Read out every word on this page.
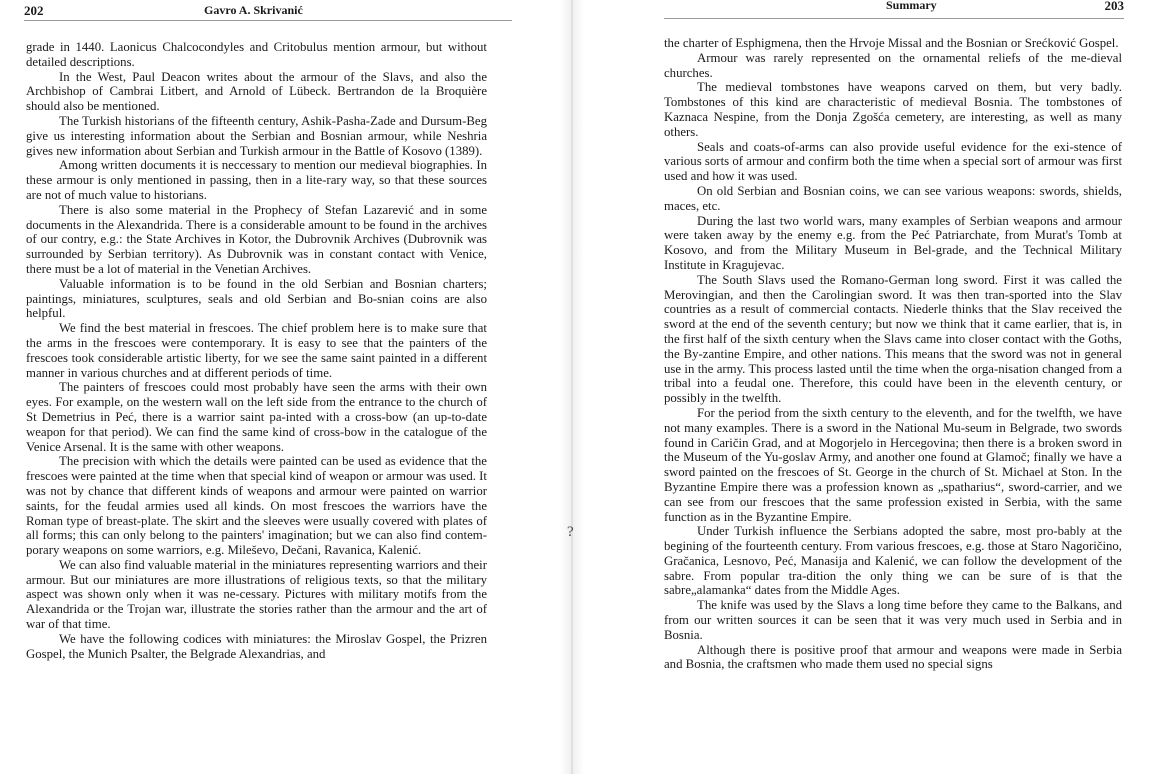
202	Gavro A. Skrivanić

grade in 1440. Laonicus Chalcocondyles and Critobulus mention armour, but without detailed descriptions.

In the West, Paul Deacon writes about the armour of the Slavs, and also the Archbishop of Cambrai Litbert, and Arnold of Lübeck. Bertrandon de la Broquière should also be mentioned.

The Turkish historians of the fifteenth century, Ashik-Pasha-Zade and Dursum-Beg give us interesting information about the Serbian and Bosnian armour, while Neshria gives new information about Serbian and Turkish armour in the Battle of Kosovo (1389).

Among written documents it is neccessary to mention our medieval biographies. In these armour is only mentioned in passing, then in a lite-rary way, so that these sources are not of much value to historians.

There is also some material in the Prophecy of Stefan Lazarević and in some documents in the Alexandrida. There is a considerable amount to be found in the archives of our contry, e.g.: the State Archives in Kotor, the Dubrovnik Archives (Dubrovnik was surrounded by Serbian territory). As Dubrovnik was in constant contact with Venice, there must be a lot of material in the Venetian Archives.

Valuable information is to be found in the old Serbian and Bosnian charters; paintings, miniatures, sculptures, seals and old Serbian and Bo-snian coins are also helpful.

We find the best material in frescoes. The chief problem here is to make sure that the arms in the frescoes were contemporary. It is easy to see that the painters of the frescoes took considerable artistic liberty, for we see the same saint painted in a different manner in various churches and at different periods of time.

The painters of frescoes could most probably have seen the arms with their own eyes. For example, on the western wall on the left side from the entrance to the church of St Demetrius in Peć, there is a warrior saint pa-inted with a cross-bow (an up-to-date weapon for that period). We can find the same kind of cross-bow in the catalogue of the Venice Arsenal. It is the same with other weapons.

The precision with which the details were painted can be used as evidence that the frescoes were painted at the time when that special kind of weapon or armour was used. It was not by chance that different kinds of weapons and armour were painted on warrior saints, for the feudal armies used all kinds. On most frescoes the warriors have the Roman type of breast-plate. The skirt and the sleeves were usually covered with plates of all forms; this can only belong to the painters' imagination; but we can also find contem-porary weapons on some warriors, e.g. Mileševo, Dečani, Ravanica, Kalenić.

We can also find valuable material in the miniatures representing warriors and their armour. But our miniatures are more illustrations of religious texts, so that the military aspect was shown only when it was ne-cessary. Pictures with military motifs from the Alexandrida or the Trojan war, illustrate the stories rather than the armour and the art of war of that time.

We have the following codices with miniatures: the Miroslav Gospel, the Prizren Gospel, the Munich Psalter, the Belgrade Alexandrias, and

?
Summary	203

the charter of Esphigmena, then the Hrvoje Missal and the Bosnian or Srećković Gospel.

Armour was rarely represented on the ornamental reliefs of the me-dieval churches.

The medieval tombstones have weapons carved on them, but very badly. Tombstones of this kind are characteristic of medieval Bosnia. The tombstones of Kaznaca Nespine, from the Donja Zgošća cemetery, are interesting, as well as many others.

Seals and coats-of-arms can also provide useful evidence for the exi-stence of various sorts of armour and confirm both the time when a special sort of armour was first used and how it was used.

On old Serbian and Bosnian coins, we can see various weapons: swords, shields, maces, etc.

During the last two world wars, many examples of Serbian weapons and armour were taken away by the enemy e.g. from the Peć Patriarchate, from Murat's Tomb at Kosovo, and from the Military Museum in Bel-grade, and the Technical Military Institute in Kragujevac.

The South Slavs used the Romano-German long sword. First it was called the Merovingian, and then the Carolingian sword. It was then tran-sported into the Slav countries as a result of commercial contacts. Niederle thinks that the Slav received the sword at the end of the seventh century; but now we think that it came earlier, that is, in the first half of the sixth century when the Slavs came into closer contact with the Goths, the By-zantine Empire, and other nations. This means that the sword was not in general use in the army. This process lasted until the time when the orga-nisation changed from a tribal into a feudal one. Therefore, this could have been in the eleventh century, or possibly in the twelfth.

For the period from the sixth century to the eleventh, and for the twelfth, we have not many examples. There is a sword in the National Mu-seum in Belgrade, two swords found in Caričin Grad, and at Mogorjelo in Hercegovina; then there is a broken sword in the Museum of the Yu-goslav Army, and another one found at Glamoč; finally we have a sword painted on the frescoes of St. George in the church of St. Michael at Ston. In the Byzantine Empire there was a profession known as „spatharius“, sword-carrier, and we can see from our frescoes that the same profession existed in Serbia, with the same function as in the Byzantine Empire.

Under Turkish influence the Serbians adopted the sabre, most pro-bably at the begining of the fourteenth century. From various frescoes, e.g. those at Staro Nagoričino, Gračanica, Lesnovo, Peć, Manasija and Kalenić, we can follow the development of the sabre. From popular tra-dition the only thing we can be sure of is that the sabre„alamanka“ dates from the Middle Ages.

The knife was used by the Slavs a long time before they came to the Balkans, and from our written sources it can be seen that it was very much used in Serbia and in Bosnia.

Although there is positive proof that armour and weapons were made in Serbia and Bosnia, the craftsmen who made them used no special signs
